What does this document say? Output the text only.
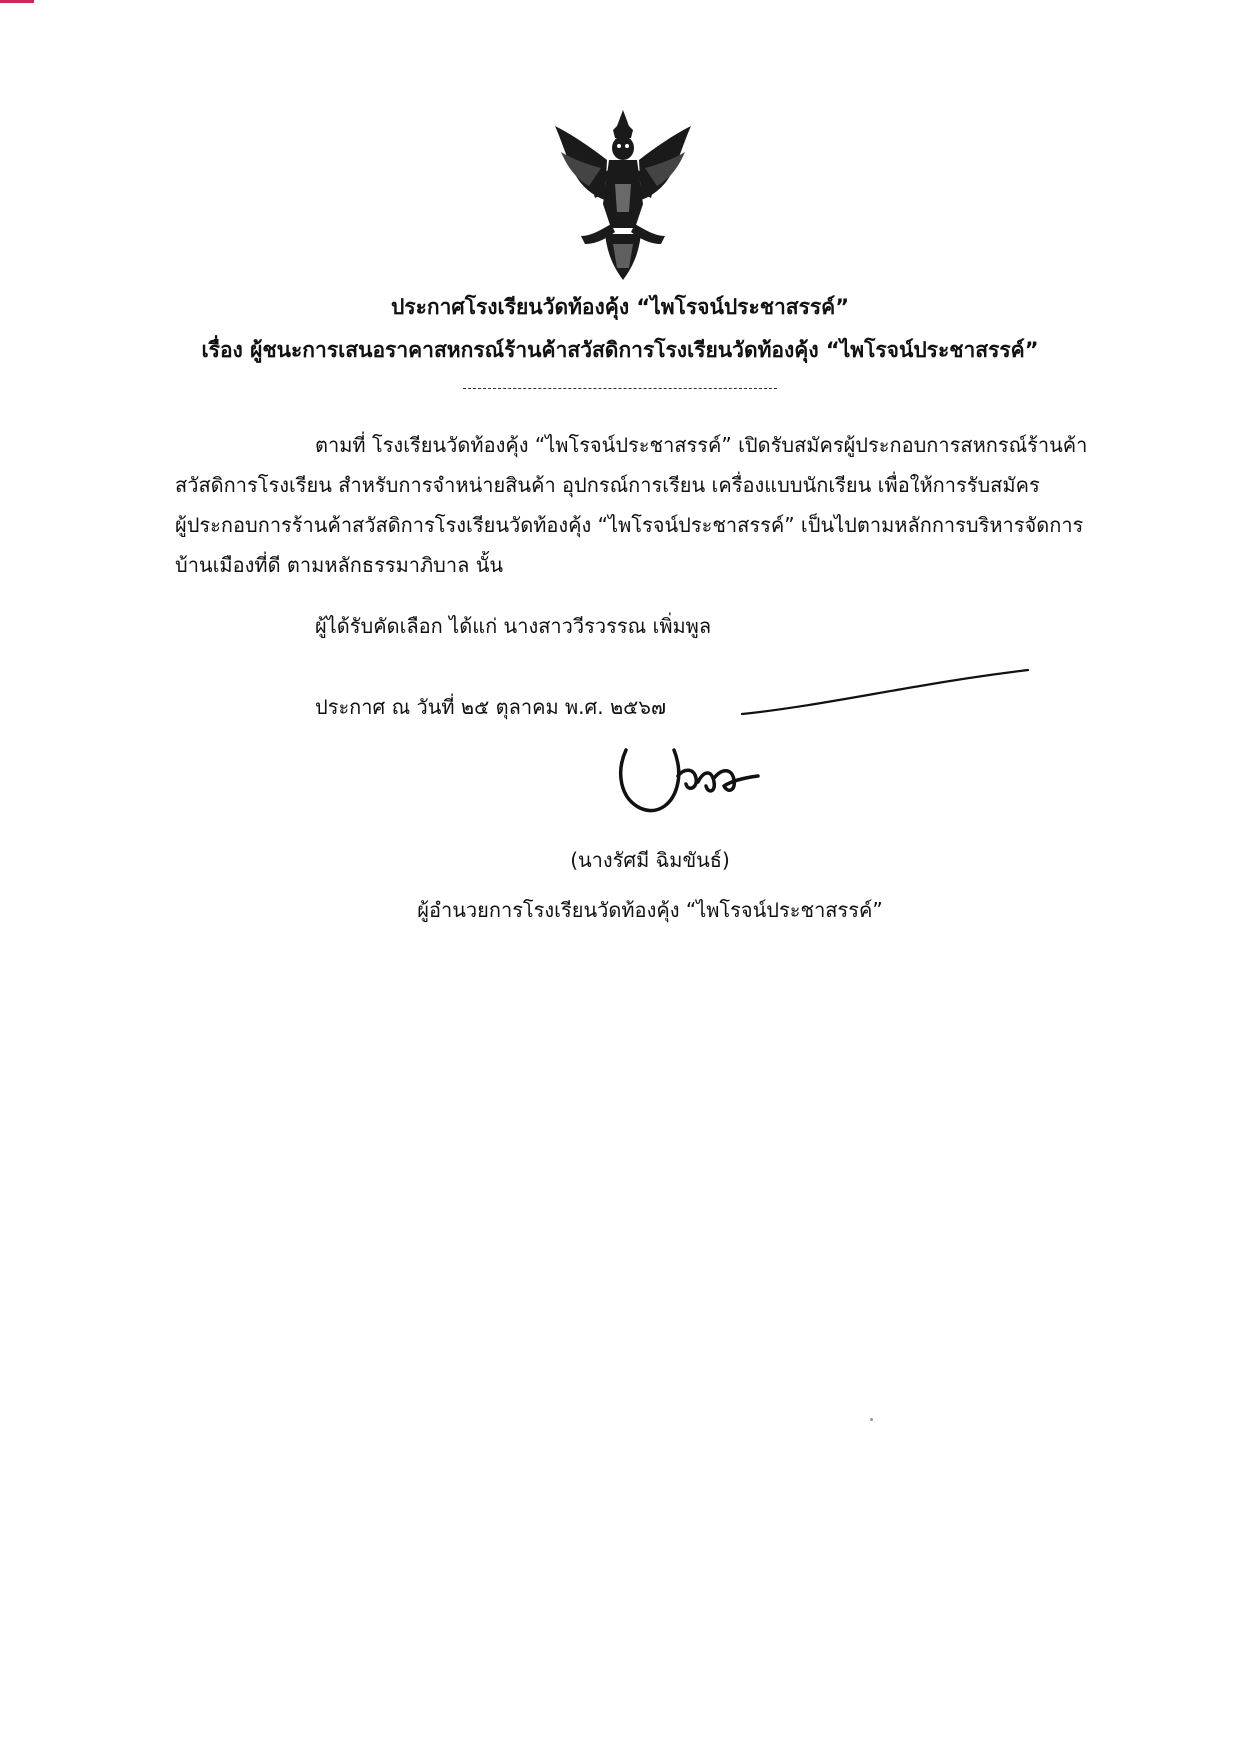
ประกาศโรงเรียนวัดท้องคุ้ง “ไพโรจน์ประชาสรรค์”
เรื่อง ผู้ชนะการเสนอราคาสหกรณ์ร้านค้าสวัสดิการโรงเรียนวัดท้องคุ้ง “ไพโรจน์ประชาสรรค์”
ตามที่ โรงเรียนวัดท้องคุ้ง “ไพโรจน์ประชาสรรค์” เปิดรับสมัครผู้ประกอบการสหกรณ์ร้านค้า
สวัสดิการโรงเรียน สำหรับการจำหน่ายสินค้า อุปกรณ์การเรียน เครื่องแบบนักเรียน เพื่อให้การรับสมัคร
ผู้ประกอบการร้านค้าสวัสดิการโรงเรียนวัดท้องคุ้ง “ไพโรจน์ประชาสรรค์” เป็นไปตามหลักการบริหารจัดการ
บ้านเมืองที่ดี ตามหลักธรรมาภิบาล นั้น
ผู้ได้รับคัดเลือก ได้แก่ นางสาววีรวรรณ เพิ่มพูล
ประกาศ ณ วันที่ ๒๕ ตุลาคม พ.ศ. ๒๕๖๗
(นางรัศมี ฉิมขันธ์)
ผู้อำนวยการโรงเรียนวัดท้องคุ้ง “ไพโรจน์ประชาสรรค์”
